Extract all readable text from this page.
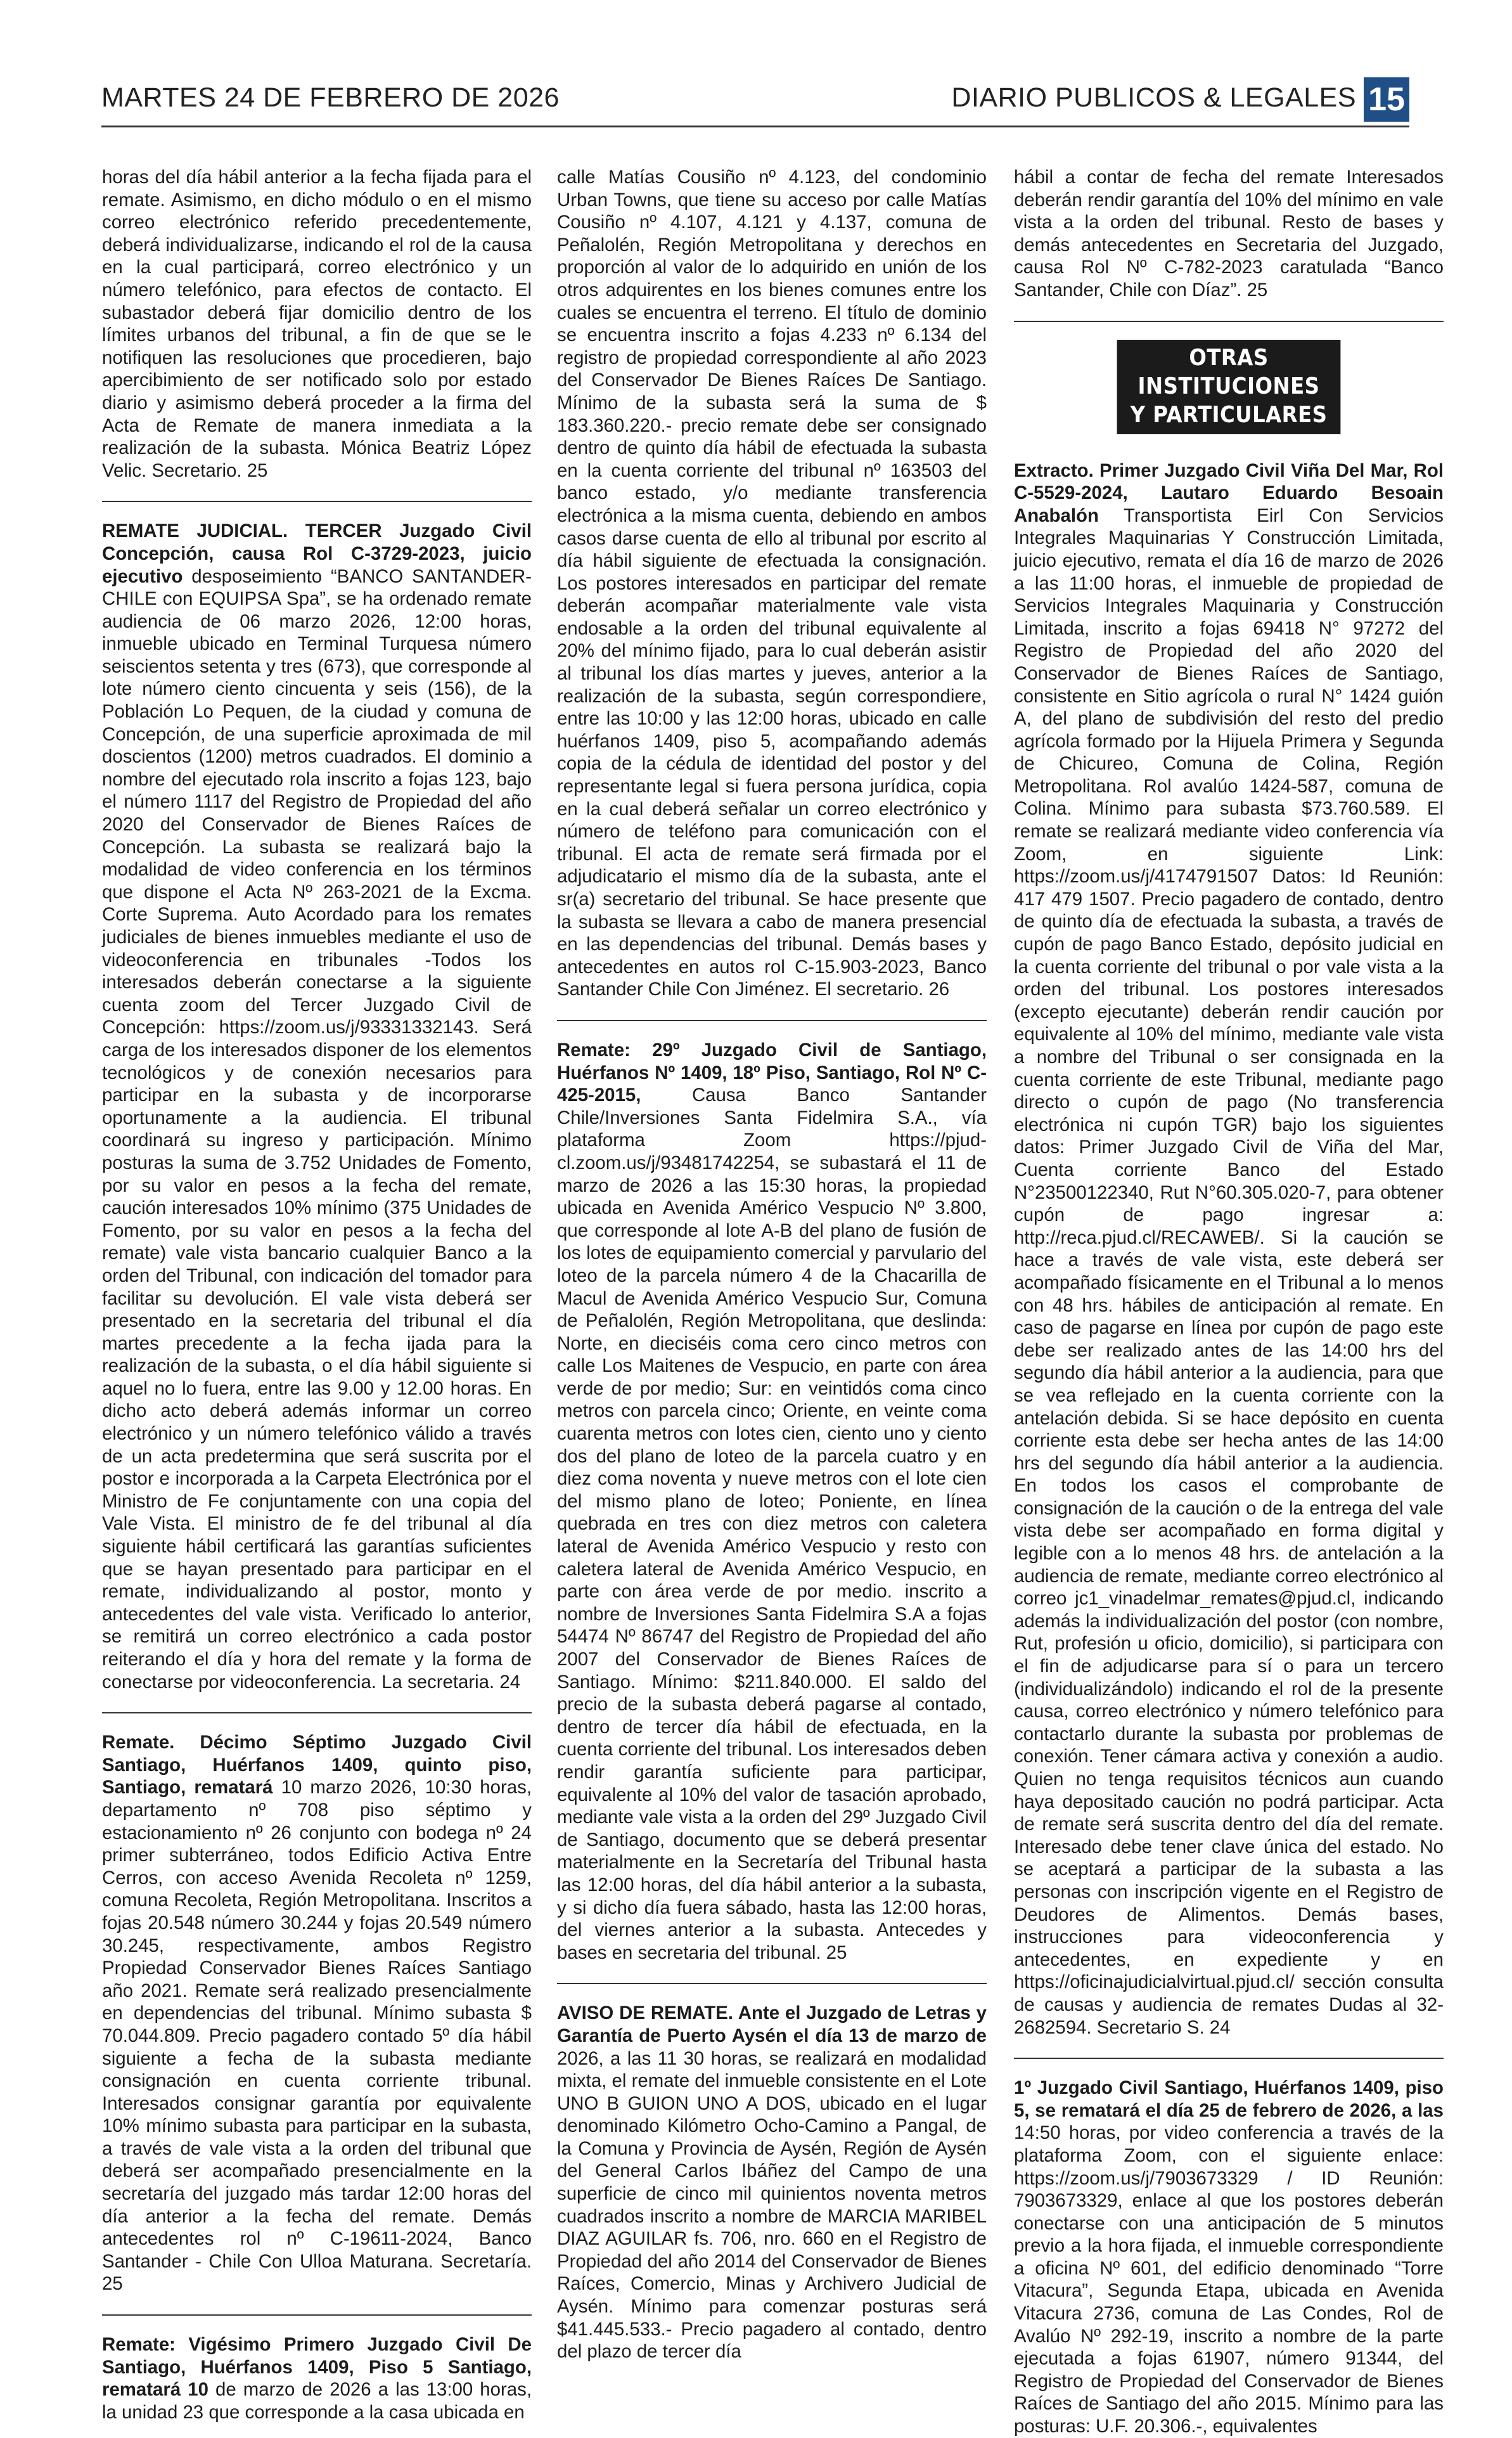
MARTES 24 DE FEBRERO DE 2026	DIARIO PUBLICOS & LEGALES 15

horas del día hábil anterior a la fecha fijada para el remate. Asimismo, en dicho módulo o en el mismo correo electrónico referido precedentemente, deberá individualizarse, indicando el rol de la causa en la cual participará, correo electrónico y un número telefónico, para efectos de contacto. El subastador deberá fijar domicilio dentro de los límites urbanos del tribunal, a fin de que se le notifiquen las resoluciones que procedieren, bajo apercibimiento de ser notificado solo por estado diario y asimismo deberá proceder a la firma del Acta de Remate de manera inmediata a la realización de la subasta. Mónica Beatriz López Velic. Secretario. 25

REMATE JUDICIAL. TERCER Juzgado Civil Concepción, causa Rol C-3729-2023, juicio ejecutivo desposeimiento “BANCO SANTANDER-CHILE con EQUIPSA Spa”, se ha ordenado remate audiencia de 06 marzo 2026, 12:00 horas, inmueble ubicado en Terminal Turquesa número seiscientos setenta y tres (673), que corresponde al lote número ciento cincuenta y seis (156), de la Población Lo Pequen, de la ciudad y comuna de Concepción, de una superficie aproximada de mil doscientos (1200) metros cuadrados. El dominio a nombre del ejecutado rola inscrito a fojas 123, bajo el número 1117 del Registro de Propiedad del año 2020 del Conservador de Bienes Raíces de Concepción. La subasta se realizará bajo la modalidad de video conferencia en los términos que dispone el Acta Nº 263-2021 de la Excma. Corte Suprema. Auto Acordado para los remates judiciales de bienes inmuebles mediante el uso de videoconferencia en tribunales -Todos los interesados deberán conectarse a la siguiente cuenta zoom del Tercer Juzgado Civil de Concepción: https://zoom.us/j/93331332143. Será carga de los interesados disponer de los elementos tecnológicos y de conexión necesarios para participar en la subasta y de incorporarse oportunamente a la audiencia. El tribunal coordinará su ingreso y participación. Mínimo posturas la suma de 3.752 Unidades de Fomento, por su valor en pesos a la fecha del remate, caución interesados 10% mínimo (375 Unidades de Fomento, por su valor en pesos a la fecha del remate) vale vista bancario cualquier Banco a la orden del Tribunal, con indicación del tomador para facilitar su devolución. El vale vista deberá ser presentado en la secretaria del tribunal el día martes precedente a la fecha ijada para la realización de la subasta, o el día hábil siguiente si aquel no lo fuera, entre las 9.00 y 12.00 horas. En dicho acto deberá además informar un correo electrónico y un número telefónico válido a través de un acta predetermina que será suscrita por el postor e incorporada a la Carpeta Electrónica por el Ministro de Fe conjuntamente con una copia del Vale Vista. El ministro de fe del tribunal al día siguiente hábil certificará las garantías suficientes que se hayan presentado para participar en el remate, individualizando al postor, monto y antecedentes del vale vista. Verificado lo anterior, se remitirá un correo electrónico a cada postor reiterando el día y hora del remate y la forma de conectarse por videoconferencia. La secretaria. 24

Remate. Décimo Séptimo Juzgado Civil Santiago, Huérfanos 1409, quinto piso, Santiago, rematará 10 marzo 2026, 10:30 horas, departamento nº 708 piso séptimo y estacionamiento nº 26 conjunto con bodega nº 24 primer subterráneo, todos Edificio Activa Entre Cerros, con acceso Avenida Recoleta nº 1259, comuna Recoleta, Región Metropolitana. Inscritos a fojas 20.548 número 30.244 y fojas 20.549 número 30.245, respectivamente, ambos Registro Propiedad Conservador Bienes Raíces Santiago año 2021. Remate será realizado presencialmente en dependencias del tribunal. Mínimo subasta $ 70.044.809. Precio pagadero contado 5º día hábil siguiente a fecha de la subasta mediante consignación en cuenta corriente tribunal. Interesados consignar garantía por equivalente 10% mínimo subasta para participar en la subasta, a través de vale vista a la orden del tribunal que deberá ser acompañado presencialmente en la secretaría del juzgado más tardar 12:00 horas del día anterior a la fecha del remate. Demás antecedentes rol nº C-19611-2024, Banco Santander - Chile Con Ulloa Maturana. Secretaría. 25

Remate: Vigésimo Primero Juzgado Civil De Santiago, Huérfanos 1409, Piso 5 Santiago, rematará 10 de marzo de 2026 a las 13:00 horas, la unidad 23 que corresponde a la casa ubicada en

calle Matías Cousiño nº 4.123, del condominio Urban Towns, que tiene su acceso por calle Matías Cousiño nº 4.107, 4.121 y 4.137, comuna de Peñalolén, Región Metropolitana y derechos en proporción al valor de lo adquirido en unión de los otros adquirentes en los bienes comunes entre los cuales se encuentra el terreno. El título de dominio se encuentra inscrito a fojas 4.233 nº 6.134 del registro de propiedad correspondiente al año 2023 del Conservador De Bienes Raíces De Santiago. Mínimo de la subasta será la suma de $ 183.360.220.- precio remate debe ser consignado dentro de quinto día hábil de efectuada la subasta en la cuenta corriente del tribunal nº 163503 del banco estado, y/o mediante transferencia electrónica a la misma cuenta, debiendo en ambos casos darse cuenta de ello al tribunal por escrito al día hábil siguiente de efectuada la consignación. Los postores interesados en participar del remate deberán acompañar materialmente vale vista endosable a la orden del tribunal equivalente al 20% del mínimo fijado, para lo cual deberán asistir al tribunal los días martes y jueves, anterior a la realización de la subasta, según correspondiere, entre las 10:00 y las 12:00 horas, ubicado en calle huérfanos 1409, piso 5, acompañando además copia de la cédula de identidad del postor y del representante legal si fuera persona jurídica, copia en la cual deberá señalar un correo electrónico y número de teléfono para comunicación con el tribunal. El acta de remate será firmada por el adjudicatario el mismo día de la subasta, ante el sr(a) secretario del tribunal. Se hace presente que la subasta se llevara a cabo de manera presencial en las dependencias del tribunal. Demás bases y antecedentes en autos rol C-15.903-2023, Banco Santander Chile Con Jiménez. El secretario. 26

Remate: 29º Juzgado Civil de Santiago, Huérfanos Nº 1409, 18º Piso, Santiago, Rol Nº C-425-2015, Causa Banco Santander Chile/Inversiones Santa Fidelmira S.A., vía plataforma Zoom https://pjud-cl.zoom.us/j/93481742254, se subastará el 11 de marzo de 2026 a las 15:30 horas, la propiedad ubicada en Avenida Américo Vespucio Nº 3.800, que corresponde al lote A-B del plano de fusión de los lotes de equipamiento comercial y parvulario del loteo de la parcela número 4 de la Chacarilla de Macul de Avenida Américo Vespucio Sur, Comuna de Peñalolén, Región Metropolitana, que deslinda: Norte, en dieciséis coma cero cinco metros con calle Los Maitenes de Vespucio, en parte con área verde de por medio; Sur: en veintidós coma cinco metros con parcela cinco; Oriente, en veinte coma cuarenta metros con lotes cien, ciento uno y ciento dos del plano de loteo de la parcela cuatro y en diez coma noventa y nueve metros con el lote cien del mismo plano de loteo; Poniente, en línea quebrada en tres con diez metros con caletera lateral de Avenida Américo Vespucio y resto con caletera lateral de Avenida Américo Vespucio, en parte con área verde de por medio. inscrito a nombre de Inversiones Santa Fidelmira S.A a fojas 54474 Nº 86747 del Registro de Propiedad del año 2007 del Conservador de Bienes Raíces de Santiago. Mínimo: $211.840.000. El saldo del precio de la subasta deberá pagarse al contado, dentro de tercer día hábil de efectuada, en la cuenta corriente del tribunal. Los interesados deben rendir garantía suficiente para participar, equivalente al 10% del valor de tasación aprobado, mediante vale vista a la orden del 29º Juzgado Civil de Santiago, documento que se deberá presentar materialmente en la Secretaría del Tribunal hasta las 12:00 horas, del día hábil anterior a la subasta, y si dicho día fuera sábado, hasta las 12:00 horas, del viernes anterior a la subasta. Antecedes y bases en secretaria del tribunal. 25

AVISO DE REMATE. Ante el Juzgado de Letras y Garantía de Puerto Aysén el día 13 de marzo de 2026, a las 11 30 horas, se realizará en modalidad mixta, el remate del inmueble consistente en el Lote UNO B GUION UNO A DOS, ubicado en el lugar denominado Kilómetro Ocho-Camino a Pangal, de la Comuna y Provincia de Aysén, Región de Aysén del General Carlos Ibáñez del Campo de una superficie de cinco mil quinientos noventa metros cuadrados inscrito a nombre de MARCIA MARIBEL DIAZ AGUILAR fs. 706, nro. 660 en el Registro de Propiedad del año 2014 del Conservador de Bienes Raíces, Comercio, Minas y Archivero Judicial de Aysén. Mínimo para comenzar posturas será $41.445.533.- Precio pagadero al contado, dentro del plazo de tercer día

hábil a contar de fecha del remate Interesados deberán rendir garantía del 10% del mínimo en vale vista a la orden del tribunal. Resto de bases y demás antecedentes en Secretaria del Juzgado, causa Rol Nº C-782-2023 caratulada “Banco Santander, Chile con Díaz”. 25

OTRAS INSTITUCIONES
Y PARTICULARES

Extracto. Primer Juzgado Civil Viña Del Mar, Rol C-5529-2024, Lautaro Eduardo Besoain Anabalón Transportista Eirl Con Servicios Integrales Maquinarias Y Construcción Limitada, juicio ejecutivo, remata el día 16 de marzo de 2026 a las 11:00 horas, el inmueble de propiedad de Servicios Integrales Maquinaria y Construcción Limitada, inscrito a fojas 69418 N° 97272 del Registro de Propiedad del año 2020 del Conservador de Bienes Raíces de Santiago, consistente en Sitio agrícola o rural N° 1424 guión A, del plano de subdivisión del resto del predio agrícola formado por la Hijuela Primera y Segunda de Chicureo, Comuna de Colina, Región Metropolitana. Rol avalúo 1424-587, comuna de Colina. Mínimo para subasta $73.760.589. El remate se realizará mediante video conferencia vía Zoom, en siguiente Link: https://zoom.us/j/4174791507 Datos: Id Reunión: 417 479 1507. Precio pagadero de contado, dentro de quinto día de efectuada la subasta, a través de cupón de pago Banco Estado, depósito judicial en la cuenta corriente del tribunal o por vale vista a la orden del tribunal. Los postores interesados (excepto ejecutante) deberán rendir caución por equivalente al 10% del mínimo, mediante vale vista a nombre del Tribunal o ser consignada en la cuenta corriente de este Tribunal, mediante pago directo o cupón de pago (No transferencia electrónica ni cupón TGR) bajo los siguientes datos: Primer Juzgado Civil de Viña del Mar, Cuenta corriente Banco del Estado N°23500122340, Rut N°60.305.020-7, para obtener cupón de pago ingresar a: http://reca.pjud.cl/RECAWEB/. Si la caución se hace a través de vale vista, este deberá ser acompañado físicamente en el Tribunal a lo menos con 48 hrs. hábiles de anticipación al remate. En caso de pagarse en línea por cupón de pago este debe ser realizado antes de las 14:00 hrs del segundo día hábil anterior a la audiencia, para que se vea reflejado en la cuenta corriente con la antelación debida. Si se hace depósito en cuenta corriente esta debe ser hecha antes de las 14:00 hrs del segundo día hábil anterior a la audiencia. En todos los casos el comprobante de consignación de la caución o de la entrega del vale vista debe ser acompañado en forma digital y legible con a lo menos 48 hrs. de antelación a la audiencia de remate, mediante correo electrónico al correo jc1_vinadelmar_remates@pjud.cl, indicando además la individualización del postor (con nombre, Rut, profesión u oficio, domicilio), si participara con el fin de adjudicarse para sí o para un tercero (individualizándolo) indicando el rol de la presente causa, correo electrónico y número telefónico para contactarlo durante la subasta por problemas de conexión. Tener cámara activa y conexión a audio. Quien no tenga requisitos técnicos aun cuando haya depositado caución no podrá participar. Acta de remate será suscrita dentro del día del remate. Interesado debe tener clave única del estado. No se aceptará a participar de la subasta a las personas con inscripción vigente en el Registro de Deudores de Alimentos. Demás bases, instrucciones para videoconferencia y antecedentes, en expediente y en https://oficinajudicialvirtual.pjud.cl/ sección consulta de causas y audiencia de remates Dudas al 32-2682594. Secretario S. 24

1º Juzgado Civil Santiago, Huérfanos 1409, piso 5, se rematará el día 25 de febrero de 2026, a las 14:50 horas, por video conferencia a través de la plataforma Zoom, con el siguiente enlace: https://zoom.us/j/7903673329 / ID Reunión: 7903673329, enlace al que los postores deberán conectarse con una anticipación de 5 minutos previo a la hora fijada, el inmueble correspondiente a oficina Nº 601, del edificio denominado “Torre Vitacura”, Segunda Etapa, ubicada en Avenida Vitacura 2736, comuna de Las Condes, Rol de Avalúo Nº 292-19, inscrito a nombre de la parte ejecutada a fojas 61907, número 91344, del Registro de Propiedad del Conservador de Bienes Raíces de Santiago del año 2015. Mínimo para las posturas: U.F. 20.306.-, equivalentes
